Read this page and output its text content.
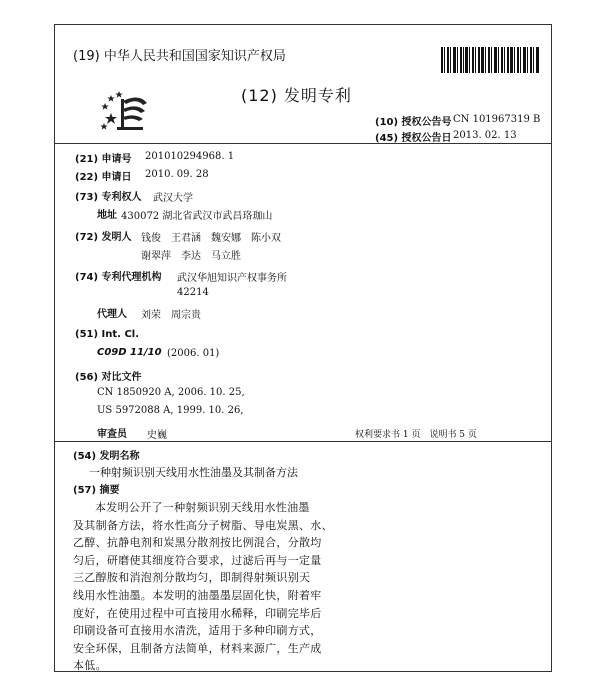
(19) 中华人民共和国国家知识产权局
(12) 发明专利
(10) 授权公告号 CN 101967319 B
(45) 授权公告日 2013. 02. 13
(21) 申请号 201010294968. 1
(22) 申请日 2010. 09. 28
(73) 专利权人 武汉大学
地址 430072 湖北省武汉市武昌珞珈山
(72) 发明人 钱俊　王君涵　魏安娜　陈小双
谢翠萍　李达　马立胜
(74) 专利代理机构 武汉华旭知识产权事务所
42214
代理人 刘荣　周宗贵
(51) Int. Cl.
C09D 11/10 (2006. 01)
(56) 对比文件
CN 1850920 A, 2006. 10. 25,
US 5972088 A, 1999. 10. 26,
审查员 史巍	权利要求书 1 页　说明书 5 页
(54) 发明名称
一种射频识别天线用水性油墨及其制备方法
(57) 摘要
本发明公开了一种射频识别天线用水性油墨
及其制备方法，将水性高分子树脂、导电炭黑、水、
乙醇、抗静电剂和炭黑分散剂按比例混合，分散均
匀后，研磨使其细度符合要求，过滤后再与一定量
三乙醇胺和消泡剂分散均匀，即制得射频识别天
线用水性油墨。本发明的油墨墨层固化快，附着牢
度好，在使用过程中可直接用水稀释，印刷完毕后
印刷设备可直接用水清洗，适用于多种印刷方式，
安全环保，且制备方法简单，材料来源广，生产成
本低。
